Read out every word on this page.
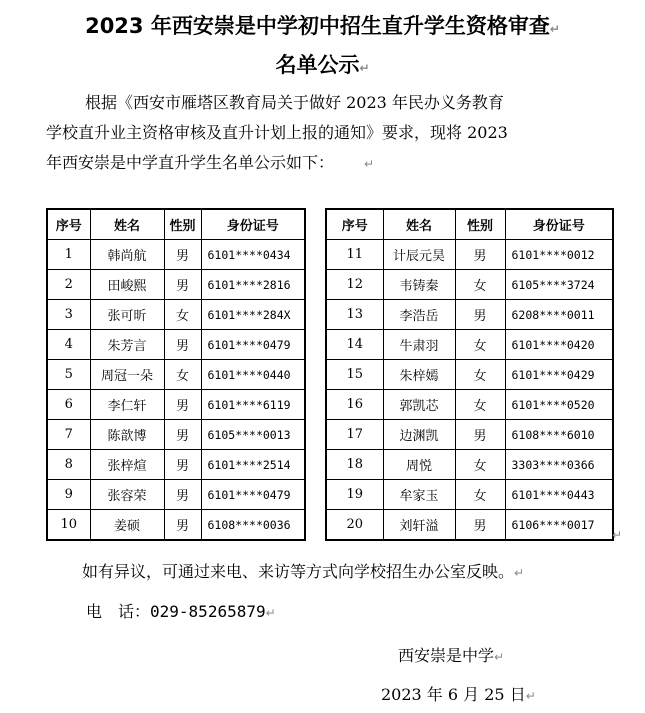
2023 年西安崇是中学初中招生直升学生资格审查↵
名单公示↵
根据《西安市雁塔区教育局关于做好 2023 年民办义务教育
学校直升业主资格审核及直升计划上报的通知》要求，现将 2023
年西安崇是中学直升学生名单公示如下：	↵
序号	姓名	性别	身份证号
1	韩尚航	男	6101****0434
2	田峻熙	男	6101****2816
3	张可昕	女	6101****284X
4	朱芳言	男	6101****0479
5	周冠一朵	女	6101****0440
6	李仁轩	男	6101****6119
7	陈歆博	男	6105****0013
8	张梓煊	男	6101****2514
9	张容荣	男	6101****0479
10	姜硕	男	6108****0036
序号	姓名	性别	身份证号
11	计辰元昊	男	6101****0012
12	韦铸秦	女	6105****3724
13	李浩岳	男	6208****0011
14	牛肃羽	女	6101****0420
15	朱梓嫣	女	6101****0429
16	郭凯芯	女	6101****0520
17	边渊凯	男	6108****6010
18	周悦	女	3303****0366
19	牟家玉	女	6101****0443
20	刘轩溢	男	6106****0017
↵
如有异议，可通过来电、来访等方式向学校招生办公室反映。↵
电　话：029-85265879↵
西安崇是中学↵
2023 年 6 月 25 日↵
